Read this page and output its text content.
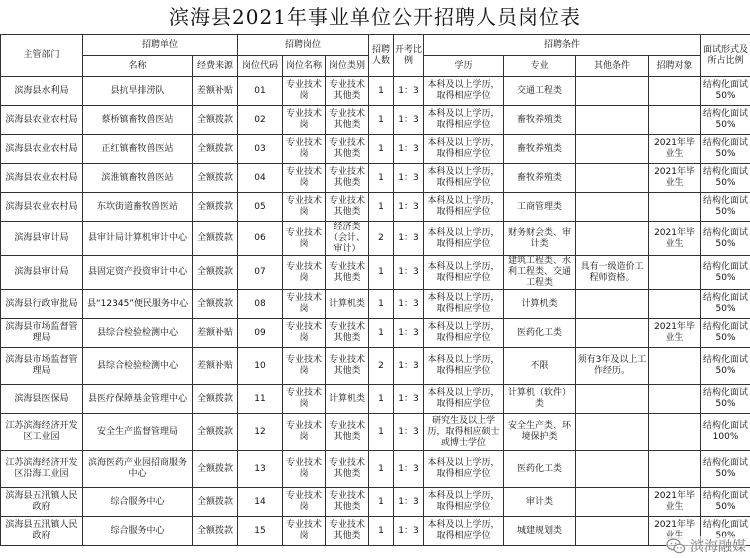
滨海县2021年事业单位公开招聘人员岗位表
主管部门	招聘单位		招聘岗位			招聘人数	开考比例	招聘条件				面试形式及所占比例
	名称	经费来源	岗位代码	岗位名称	岗位类别			学历	专业	其他条件	招聘对象	
滨海县水利局	县抗旱排涝队	差额补贴	01	专业技术岗	专业技术其他类	1	1：3	本科及以上学历，取得相应学位	交通工程类			结构化面试50%
滨海县农业农村局	蔡桥镇畜牧兽医站	全额拨款	02	专业技术岗	专业技术其他类	1	1：3	本科及以上学历，取得相应学位	畜牧养殖类			结构化面试50%
滨海县农业农村局	正红镇畜牧兽医站	全额拨款	03	专业技术岗	专业技术其他类	1	1：3	本科及以上学历，取得相应学位	畜牧养殖类		2021年毕业生	结构化面试50%
滨海县农业农村局	滨淮镇畜牧兽医站	全额拨款	04	专业技术岗	专业技术其他类	1	1：3	本科及以上学历，取得相应学位	畜牧养殖类		2021年毕业生	结构化面试50%
滨海县农业农村局	东坎街道畜牧兽医站	全额拨款	05	专业技术岗	专业技术其他类	1	1：3	本科及以上学历，取得相应学位	工商管理类			结构化面试50%
滨海县审计局	县审计局计算机审计中心	全额拨款	06	专业技术岗	经济类（会计、审计）	2	1：3	本科及以上学历，取得相应学位	财务财会类、审计类		2021年毕业生	结构化面试50%
滨海县审计局	县固定资产投资审计中心	全额拨款	07	专业技术岗	专业技术其他类	1	1：3	本科及以上学历，取得相应学位	建筑工程类、水利工程类、交通工程类	具有一级造价工程师资格。		结构化面试50%
滨海县行政审批局	县“12345”便民服务中心	全额拨款	08	专业技术岗	计算机类	1	1：3	本科及以上学历，取得相应学位	计算机类			结构化面试50%
滨海县市场监督管理局	县综合检验检测中心	差额补贴	09	专业技术岗	专业技术其他类	1	1：3	本科及以上学历，取得相应学位	医药化工类		2021年毕业生	结构化面试50%
滨海县市场监督管理局	县综合检验检测中心	差额补贴	10	专业技术岗	专业技术其他类	2	1：3	本科及以上学历，取得相应学位	不限	须有3年及以上工作经历。		结构化面试50%
滨海县医保局	县医疗保障基金管理中心	全额拨款	11	专业技术岗	计算机类	1	1：3	本科及以上学历，取得相应学位	计算机（软件）类			结构化面试50%
江苏滨海经济开发区工业园	安全生产监督管理局	全额拨款	12	专业技术岗	专业技术其他类	1	1：3	研究生及以上学历，取得相应硕士或博士学位	安全生产类、环境保护类			结构化面试100%
江苏滨海经济开发区沿海工业园	滨海医药产业园招商服务中心	全额拨款	13	专业技术岗	专业技术其他类	1	1：3	本科及以上学历，取得相应学位	医药化工类			结构化面试50%
滨海县五汛镇人民政府	综合服务中心	全额拨款	14	专业技术岗	专业技术其他类	1	1：3	本科及以上学历，取得相应学位	审计类		2021年毕业生	结构化面试50%
滨海县五汛镇人民政府	综合服务中心	全额拨款	15	专业技术岗	专业技术其他类	1	1：3	本科及以上学历，取得相应学位	城建规划类		2021年毕	结构化面试
滨海融媒
